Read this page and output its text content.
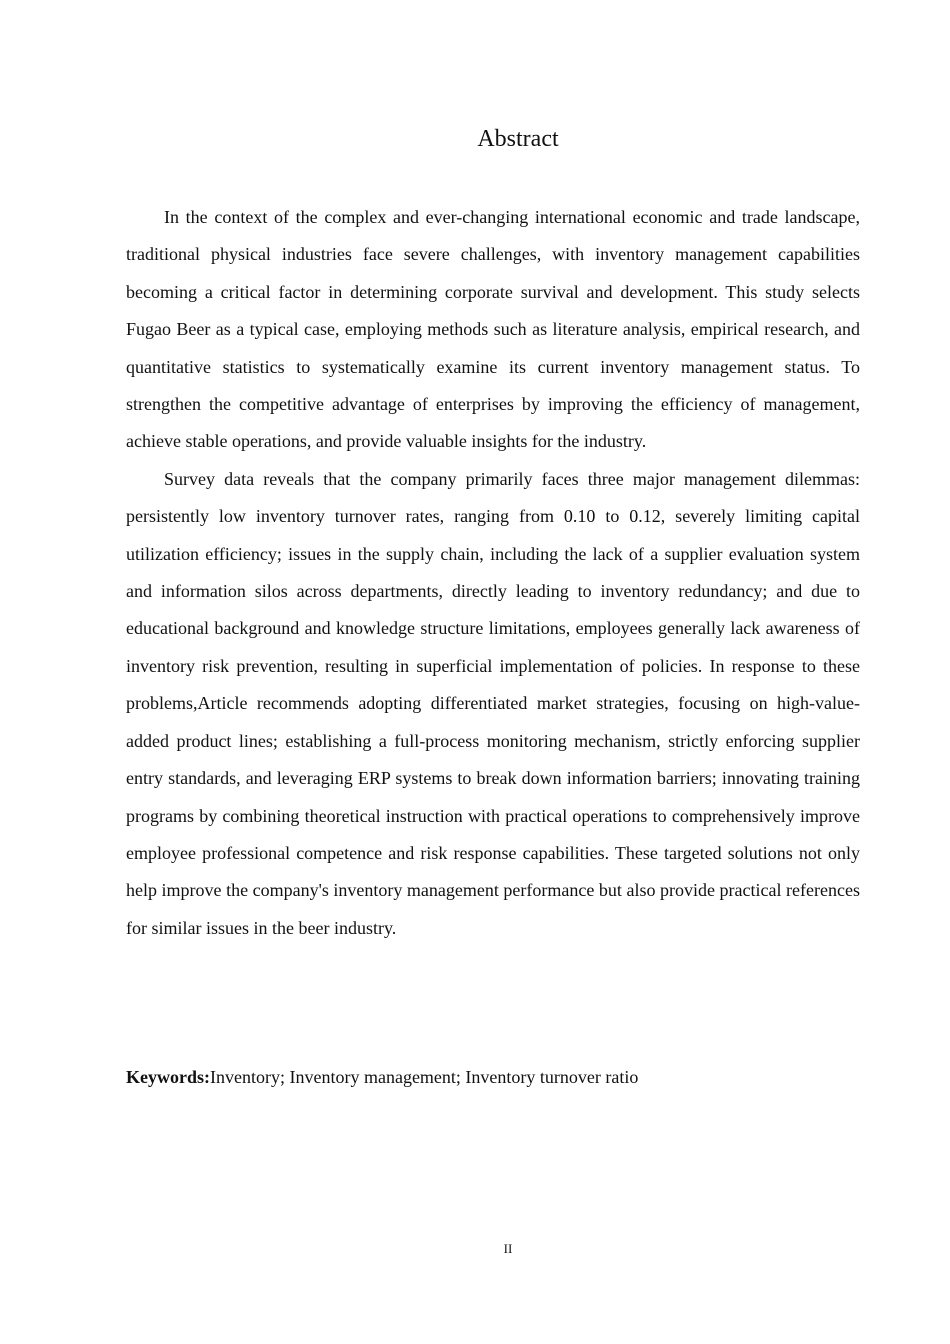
Abstract

In the context of the complex and ever-changing international economic and trade landscape, traditional physical industries face severe challenges, with inventory management capabilities becoming a critical factor in determining corporate survival and development. This study selects Fugao Beer as a typical case, employing methods such as literature analysis, empirical research, and quantitative statistics to systematically examine its current inventory management status. To strengthen the competitive advantage of enterprises by improving the efficiency of management, achieve stable operations, and provide valuable insights for the industry.

Survey data reveals that the company primarily faces three major management dilemmas: persistently low inventory turnover rates, ranging from 0.10 to 0.12, severely limiting capital utilization efficiency; issues in the supply chain, including the lack of a supplier evaluation system and information silos across departments, directly leading to inventory redundancy; and due to educational background and knowledge structure limitations, employees generally lack awareness of inventory risk prevention, resulting in superficial implementation of policies. In response to these problems,Article recommends adopting differentiated market strategies, focusing on high-value-added product lines; establishing a full-process monitoring mechanism, strictly enforcing supplier entry standards, and leveraging ERP systems to break down information barriers; innovating training programs by combining theoretical instruction with practical operations to comprehensively improve employee professional competence and risk response capabilities. These targeted solutions not only help improve the company's inventory management performance but also provide practical references for similar issues in the beer industry.

Keywords:Inventory; Inventory management; Inventory turnover ratio
II
